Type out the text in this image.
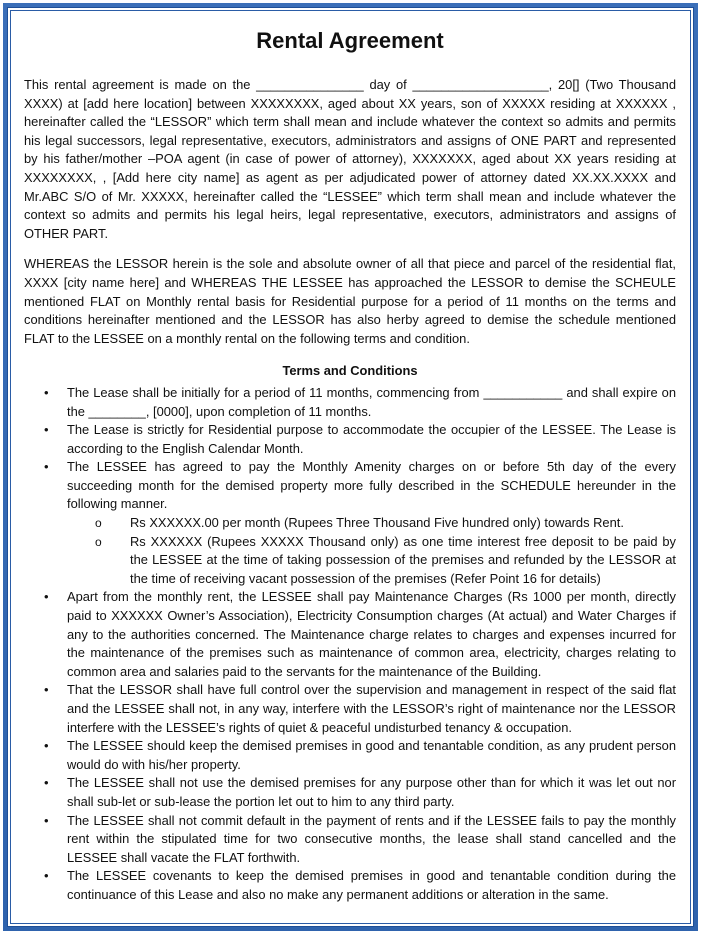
Rental Agreement

This rental agreement is made on the _______________ day of ___________________, 20[] (Two Thousand XXXX) at [add here location] between XXXXXXXX, aged about XX years, son of XXXXX residing at XXXXXX , hereinafter called the “LESSOR” which term shall mean and include whatever the context so admits and permits his legal successors, legal representative, executors, administrators and assigns of ONE PART and represented by his father/mother –POA agent (in case of power of attorney), XXXXXXX, aged about XX years residing at XXXXXXXX, , [Add here city name] as agent as per adjudicated power of attorney dated XX.XX.XXXX and Mr.ABC S/O of Mr. XXXXX, hereinafter called the “LESSEE” which term shall mean and include whatever the context so admits and permits his legal heirs, legal representative, executors, administrators and assigns of OTHER PART.

WHEREAS the LESSOR herein is the sole and absolute owner of all that piece and parcel of the residential flat, XXXX [city name here] and WHEREAS THE LESSEE has approached the LESSOR to demise the SCHEULE mentioned FLAT on Monthly rental basis for Residential purpose for a period of 11 months on the terms and conditions hereinafter mentioned and the LESSOR has also herby agreed to demise the schedule mentioned FLAT to the LESSEE on a monthly rental on the following terms and condition.

Terms and Conditions
• The Lease shall be initially for a period of 11 months, commencing from ___________ and shall expire on the ________, [0000], upon completion of 11 months.
• The Lease is strictly for Residential purpose to accommodate the occupier of the LESSEE. The Lease is according to the English Calendar Month.
• The LESSEE has agreed to pay the Monthly Amenity charges on or before 5th day of the every succeeding month for the demised property more fully described in the SCHEDULE hereunder in the following manner.
o Rs XXXXXX.00 per month (Rupees Three Thousand Five hundred only) towards Rent.
o Rs XXXXXX (Rupees XXXXX Thousand only) as one time interest free deposit to be paid by the LESSEE at the time of taking possession of the premises and refunded by the LESSOR at the time of receiving vacant possession of the premises (Refer Point 16 for details)
• Apart from the monthly rent, the LESSEE shall pay Maintenance Charges (Rs 1000 per month, directly paid to XXXXXX Owner’s Association), Electricity Consumption charges (At actual) and Water Charges if any to the authorities concerned. The Maintenance charge relates to charges and expenses incurred for the maintenance of the premises such as maintenance of common area, electricity, charges relating to common area and salaries paid to the servants for the maintenance of the Building.
• That the LESSOR shall have full control over the supervision and management in respect of the said flat and the LESSEE shall not, in any way, interfere with the LESSOR’s right of maintenance nor the LESSOR interfere with the LESSEE’s rights of quiet & peaceful undisturbed tenancy & occupation.
• The LESSEE should keep the demised premises in good and tenantable condition, as any prudent person would do with his/her property.
• The LESSEE shall not use the demised premises for any purpose other than for which it was let out nor shall sub-let or sub-lease the portion let out to him to any third party.
• The LESSEE shall not commit default in the payment of rents and if the LESSEE fails to pay the monthly rent within the stipulated time for two consecutive months, the lease shall stand cancelled and the LESSEE shall vacate the FLAT forthwith.
• The LESSEE covenants to keep the demised premises in good and tenantable condition during the continuance of this Lease and also no make any permanent additions or alteration in the same.
